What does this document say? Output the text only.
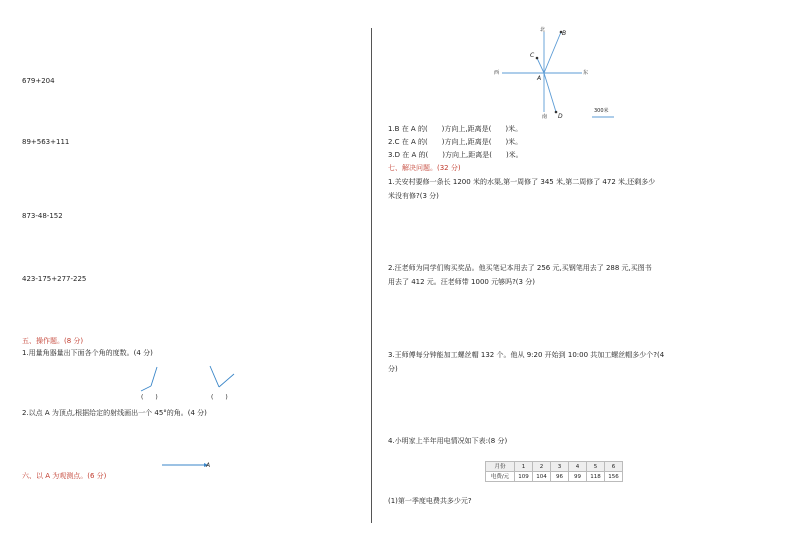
679+204
89+563+111
873-48-152
423-175+277-225
五、操作题。(8 分)
1.用量角器量出下面各个角的度数。(4 分)
(　　)	(　　)
2.以点 A 为顶点,根据给定的射线画出一个 45°的角。(4 分)
A
六、以 A 为观测点。(6 分)
北
南
西	东
A
B
C
D
300米
1.B 在 A 的(　　)方向上,距离是(　　)米。
2.C 在 A 的(　　)方向上,距离是(　　)米。
3.D 在 A 的(　　)方向上,距离是(　　)米。
七、解决问题。(32 分)
1.关安村要修一条长 1200 米的水渠,第一周修了 345 米,第二周修了 472 米,还剩多少
米没有修?(3 分)
2.汪老师为同学们购买奖品。他买笔记本用去了 256 元,买钢笔用去了 288 元,买图书
用去了 412 元。汪老师带 1000 元够吗?(3 分)
3.王师傅每分钟能加工螺丝帽 132 个。他从 9:20 开始到 10:00 共加工螺丝帽多少个?(4
分)
4.小明家上半年用电情况如下表:(8 分)
月份	1	2	3	4	5	6
电费/元	109	104	96	99	118	156
(1)第一季度电费共多少元?
